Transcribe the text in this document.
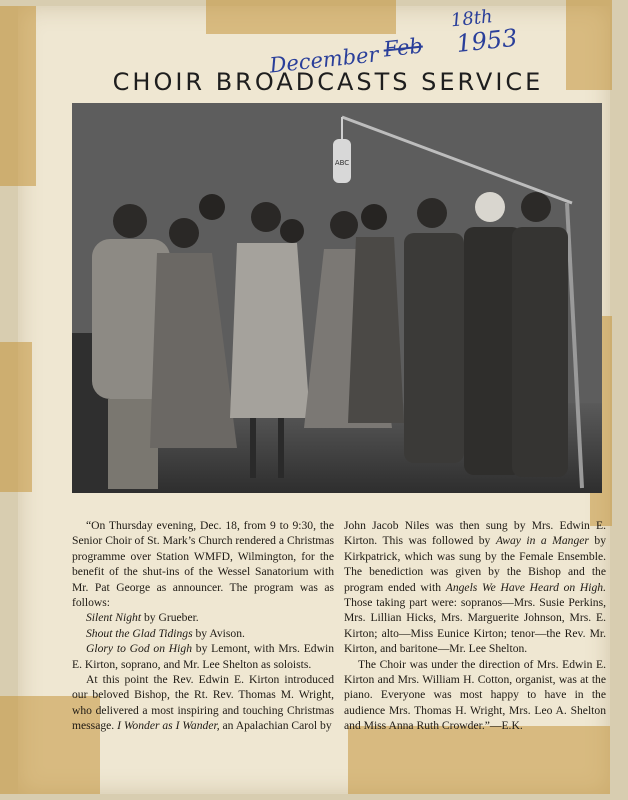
December Feb
18th
1953
CHOIR BROADCASTS SERVICE
ABC

“On Thursday evening, Dec. 18, from 9 to 9:30, the Senior Choir of St. Mark’s Church rendered a Christmas programme over Station WMFD, Wilmington, for the benefit of the shut-ins of the Wessel Sanatorium with Mr. Pat George as announcer. The program was as follows:

Silent Night by Grueber.

Shout the Glad Tidings by Avison.

Glory to God on High by Lemont, with Mrs. Edwin E. Kirton, soprano, and Mr. Lee Shelton as soloists.

At this point the Rev. Edwin E. Kirton introduced our beloved Bishop, the Rt. Rev. Thomas M. Wright, who delivered a most inspiring and touching Christmas message. I Wonder as I Wander, an Apalachian Carol by

John Jacob Niles was then sung by Mrs. Edwin E. Kirton. This was followed by Away in a Manger by Kirkpatrick, which was sung by the Female Ensemble. The benediction was given by the Bishop and the program ended with Angels We Have Heard on High. Those taking part were: sopranos—Mrs. Susie Perkins, Mrs. Lillian Hicks, Mrs. Marguerite Johnson, Mrs. E. Kirton; alto—Miss Eunice Kirton; tenor—the Rev. Mr. Kirton, and baritone—Mr. Lee Shelton.

The Choir was under the direction of Mrs. Edwin E. Kirton and Mrs. William H. Cotton, organist, was at the piano. Everyone was most happy to have in the audience Mrs. Thomas H. Wright, Mrs. Leo A. Shelton and Miss Anna Ruth Crowder.”—E.K.
